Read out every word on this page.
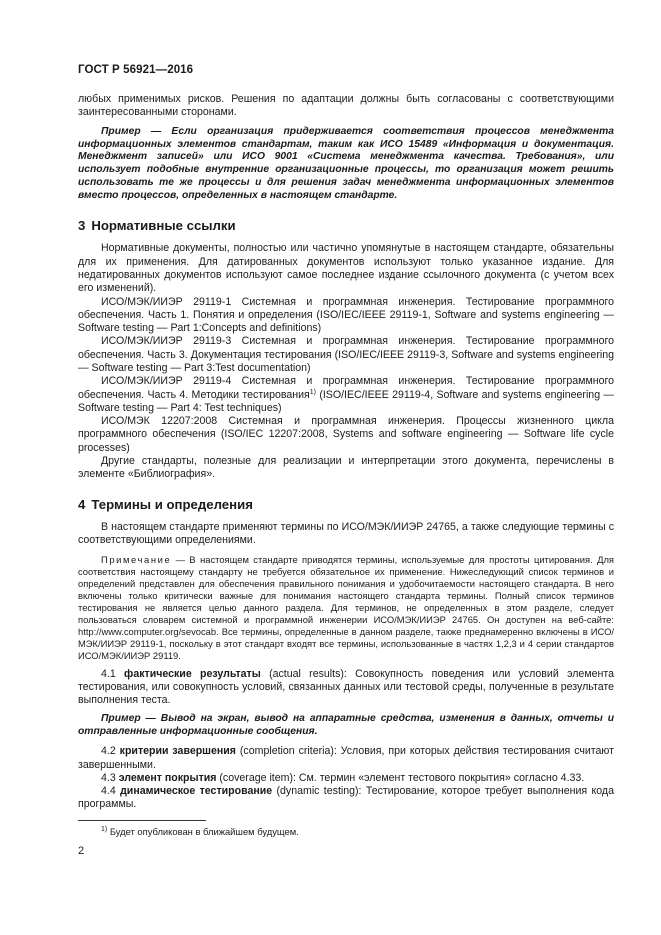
ГОСТ Р 56921—2016

любых применимых рисков. Решения по адаптации должны быть согласованы с соответствующими заинтересованными сторонами.

Пример — Если организация придерживается соответствия процессов менеджмента информационных элементов стандартам, таким как ИСО 15489 «Информация и документация. Менеджмент записей» или ИСО 9001 «Система менеджмента качества. Требования», или использует подобные внутренние организационные процессы, то организация может решить использовать те же процессы и для решения задач менеджмента информационных элементов вместо процессов, определенных в настоящем стандарте.

3 Нормативные ссылки

Нормативные документы, полностью или частично упомянутые в настоящем стандарте, обязательны для их применения. Для датированных документов используют только указанное издание. Для недатированных документов используют самое последнее издание ссылочного документа (с учетом всех его изменений).

ИСО/МЭК/ИИЭР 29119-1 Системная и программная инженерия. Тестирование программного обеспечения. Часть 1. Понятия и определения (ISO/IEC/IEEE 29119-1, Software and systems engineering — Software testing — Part 1:Concepts and definitions)

ИСО/МЭК/ИИЭР 29119-3 Системная и программная инженерия. Тестирование программного обеспечения. Часть 3. Документация тестирования (ISO/IEC/IEEE 29119-3, Software and systems engineering — Software testing — Part 3:Test documentation)

ИСО/МЭК/ИИЭР 29119-4 Системная и программная инженерия. Тестирование программного обеспечения. Часть 4. Методики тестирования$^{1)}$ (ISO/IEC/IEEE 29119-4, Software and systems engineering — Software testing — Part 4: Test techniques)

ИСО/МЭК 12207:2008 Системная и программная инженерия. Процессы жизненного цикла программного обеспечения (ISO/IEC 12207:2008, Systems and software engineering — Software life cycle processes)

Другие стандарты, полезные для реализации и интерпретации этого документа, перечислены в элементе «Библиография».

4 Термины и определения

В настоящем стандарте применяют термины по ИСО/МЭК/ИИЭР 24765, а также следующие термины с соответствующими определениями.

Примечание — В настоящем стандарте приводятся термины, используемые для простоты цитирования. Для соответствия настоящему стандарту не требуется обязательное их применение. Нижеследующий список терминов и определений представлен для обеспечения правильного понимания и удобочитаемости настоящего стандарта. В него включены только критически важные для понимания настоящего стандарта термины. Полный список терминов тестирования не является целью данного раздела. Для терминов, не определенных в этом разделе, следует пользоваться словарем системной и программной инженерии ИСО/МЭК/ИИЭР 24765. Он доступен на веб-сайте: http://www.computer.org/sevocab. Все термины, определенные в данном разделе, также преднамеренно включены в ИСО/МЭК/ИИЭР 29119-1, поскольку в этот стандарт входят все термины, использованные в частях 1,2,3 и 4 серии стандартов ИСО/МЭК/ИИЭР 29119.

4.1 фактические результаты (actual results): Совокупность поведения или условий элемента тестирования, или совокупность условий, связанных данных или тестовой среды, полученные в результате выполнения теста.

Пример — Вывод на экран, вывод на аппаратные средства, изменения в данных, отчеты и отправленные информационные сообщения.

4.2 критерии завершения (completion criteria): Условия, при которых действия тестирования считают завершенными.

4.3 элемент покрытия (coverage item): См. термин «элемент тестового покрытия» согласно 4.33.

4.4 динамическое тестирование (dynamic testing): Тестирование, которое требует выполнения кода программы.

$^{1)}$ Будет опубликован в ближайшем будущем.
2
